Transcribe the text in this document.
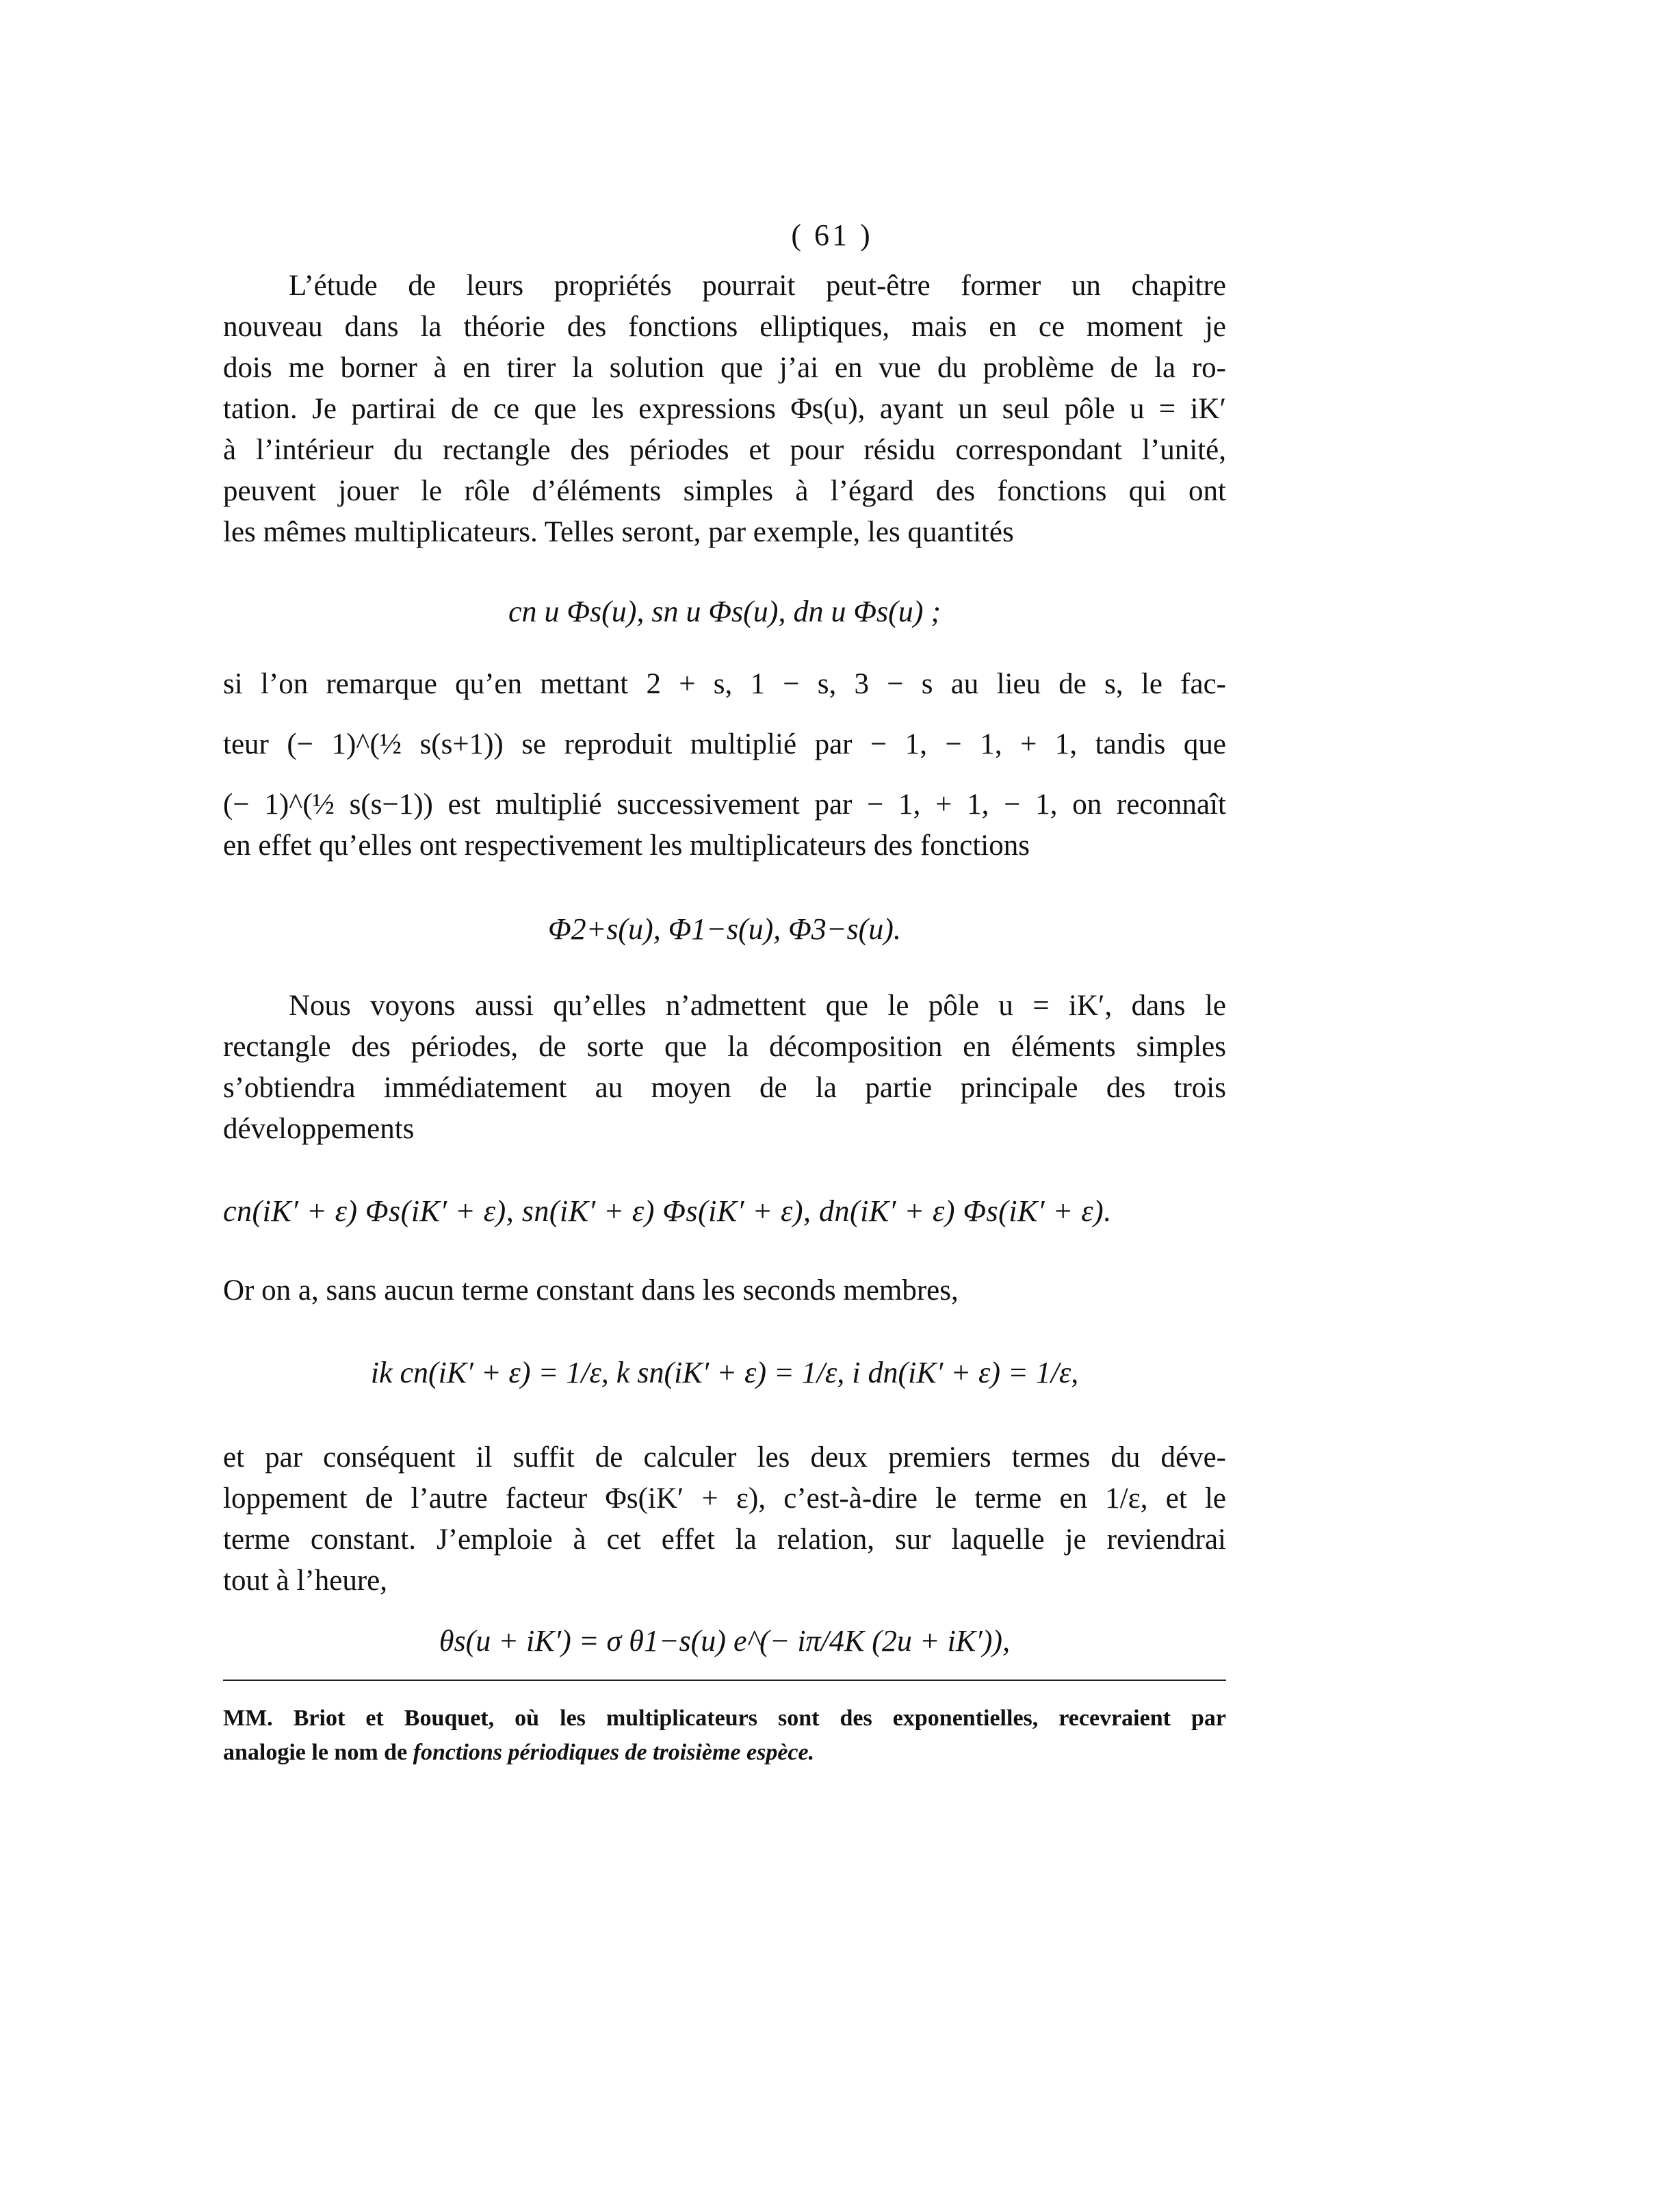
( 61 )

L’étude de leurs propriétés pourrait peut-être former un chapitre
nouveau dans la théorie des fonctions elliptiques, mais en ce moment je
dois me borner à en tirer la solution que j’ai en vue du problème de la ro-
tation. Je partirai de ce que les expressions Φs(u), ayant un seul pôle u = iK′
à l’intérieur du rectangle des périodes et pour résidu correspondant l’unité,
peuvent jouer le rôle d’éléments simples à l’égard des fonctions qui ont
les mêmes multiplicateurs. Telles seront, par exemple, les quantités

cn u Φs(u), sn u Φs(u), dn u Φs(u) ;

si l’on remarque qu’en mettant 2 + s, 1 − s, 3 − s au lieu de s, le fac-
teur (− 1)^(½ s(s+1)) se reproduit multiplié par − 1, − 1, + 1, tandis que
(− 1)^(½ s(s−1)) est multiplié successivement par − 1, + 1, − 1, on reconnaît
en effet qu’elles ont respectivement les multiplicateurs des fonctions

Φ2+s(u), Φ1−s(u), Φ3−s(u).

Nous voyons aussi qu’elles n’admettent que le pôle u = iK′, dans le
rectangle des périodes, de sorte que la décomposition en éléments simples
s’obtiendra immédiatement au moyen de la partie principale des trois
développements

cn(iK′ + ε) Φs(iK′ + ε), sn(iK′ + ε) Φs(iK′ + ε), dn(iK′ + ε) Φs(iK′ + ε).

Or on a, sans aucun terme constant dans les seconds membres,

ik cn(iK′ + ε) = 1/ε, k sn(iK′ + ε) = 1/ε, i dn(iK′ + ε) = 1/ε,

et par conséquent il suffit de calculer les deux premiers termes du déve-
loppement de l’autre facteur Φs(iK′ + ε), c’est-à-dire le terme en 1/ε, et le
terme constant. J’emploie à cet effet la relation, sur laquelle je reviendrai
tout à l’heure,

θs(u + iK′) = σ θ1−s(u) e^(− iπ/4K (2u + iK′)),
MM. Briot et Bouquet, où les multiplicateurs sont des exponentielles, recevraient par
analogie le nom de fonctions périodiques de troisième espèce.
